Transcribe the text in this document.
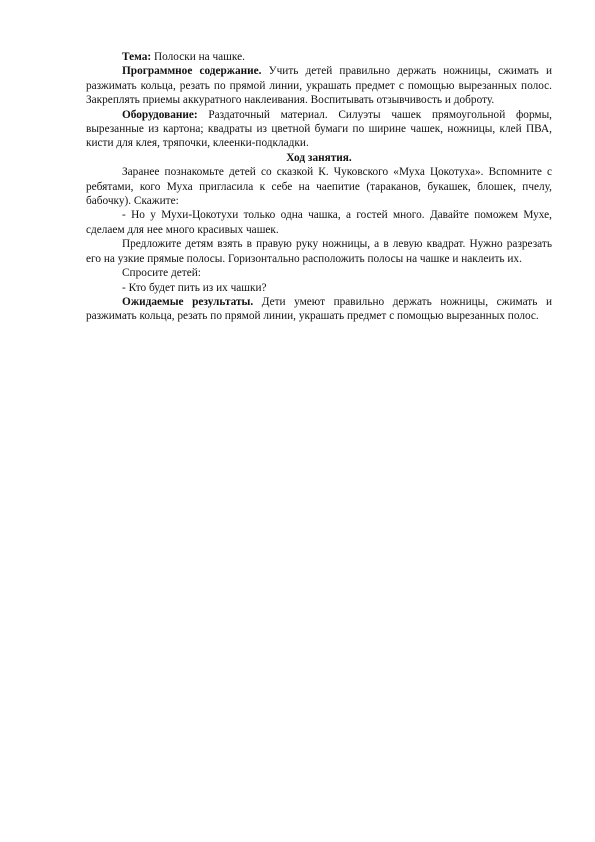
Тема: Полоски на чашке.

Программное содержание. Учить детей правильно держать ножницы, сжимать и разжимать кольца, резать по прямой линии, украшать предмет с помощью вырезанных полос. Закреплять приемы аккуратного наклеивания. Воспитывать отзывчивость и доброту.

Оборудование: Раздаточный материал. Силуэты чашек прямоугольной формы, вырезанные из картона; квадраты из цветной бумаги по ширине чашек, ножницы, клей ПВА, кисти для клея, тряпочки, клеенки-подкладки.

Ход занятия.

Заранее познакомьте детей со сказкой К. Чуковского «Муха Цокотуха». Вспомните с ребятами, кого Муха пригласила к себе на чаепитие (тараканов, букашек, блошек, пчелу, бабочку). Скажите:

- Но у Мухи-Цокотухи только одна чашка, а гостей много. Давайте поможем Мухе, сделаем для нее много красивых чашек.

Предложите детям взять в правую руку ножницы, а в левую квадрат. Нужно разрезать его на узкие прямые полосы. Горизонтально расположить полосы на чашке и наклеить их.

Спросите детей:

- Кто будет пить из их чашки?

Ожидаемые результаты. Дети умеют правильно держать ножницы, сжимать и разжимать кольца, резать по прямой линии, украшать предмет с помощью вырезанных полос.
